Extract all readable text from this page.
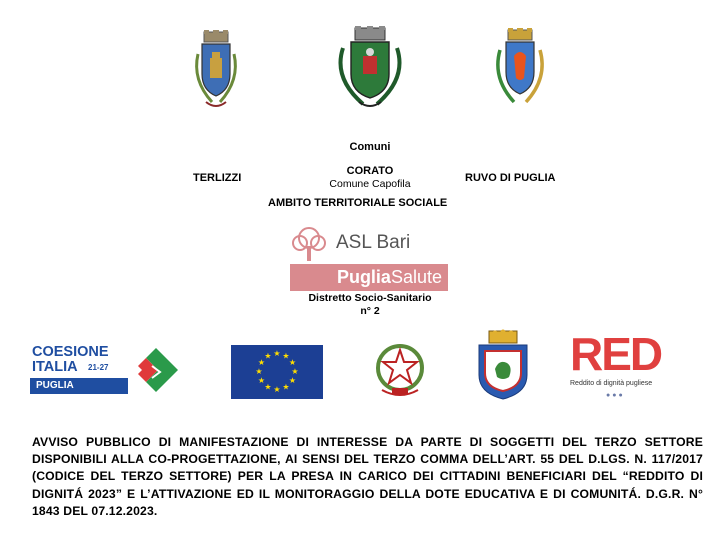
Comuni
TERLIZZI
CORATO
Comune Capofila	RUVO DI PUGLIA
AMBITO TERRITORIALE SOCIALE
ASL Bari
PugliaSalute
Distretto Socio-Sanitario
n° 2
COESIONE
ITALIA 21-27
PUGLIA
★ ★
★
★
★
★
★
★
★
★
★
★	RED
Reddito di dignità pugliese
●●●
AVVISO PUBBLICO DI MANIFESTAZIONE DI INTERESSE DA PARTE DI SOGGETTI DEL TERZO SETTORE DISPONIBILI ALLA CO-PROGETTAZIONE, AI SENSI DEL TERZO COMMA DELL’ART. 55 DEL D.LGS. N. 117/2017 (CODICE DEL TERZO SETTORE) PER LA PRESA IN CARICO DEI CITTADINI BENEFICIARI DEL “REDDITO DI DIGNITÁ 2023” E L’ATTIVAZIONE ED IL MONITORAGGIO DELLA DOTE EDUCATIVA E DI COMUNITÁ. D.G.R. N° 1843 DEL 07.12.2023.
